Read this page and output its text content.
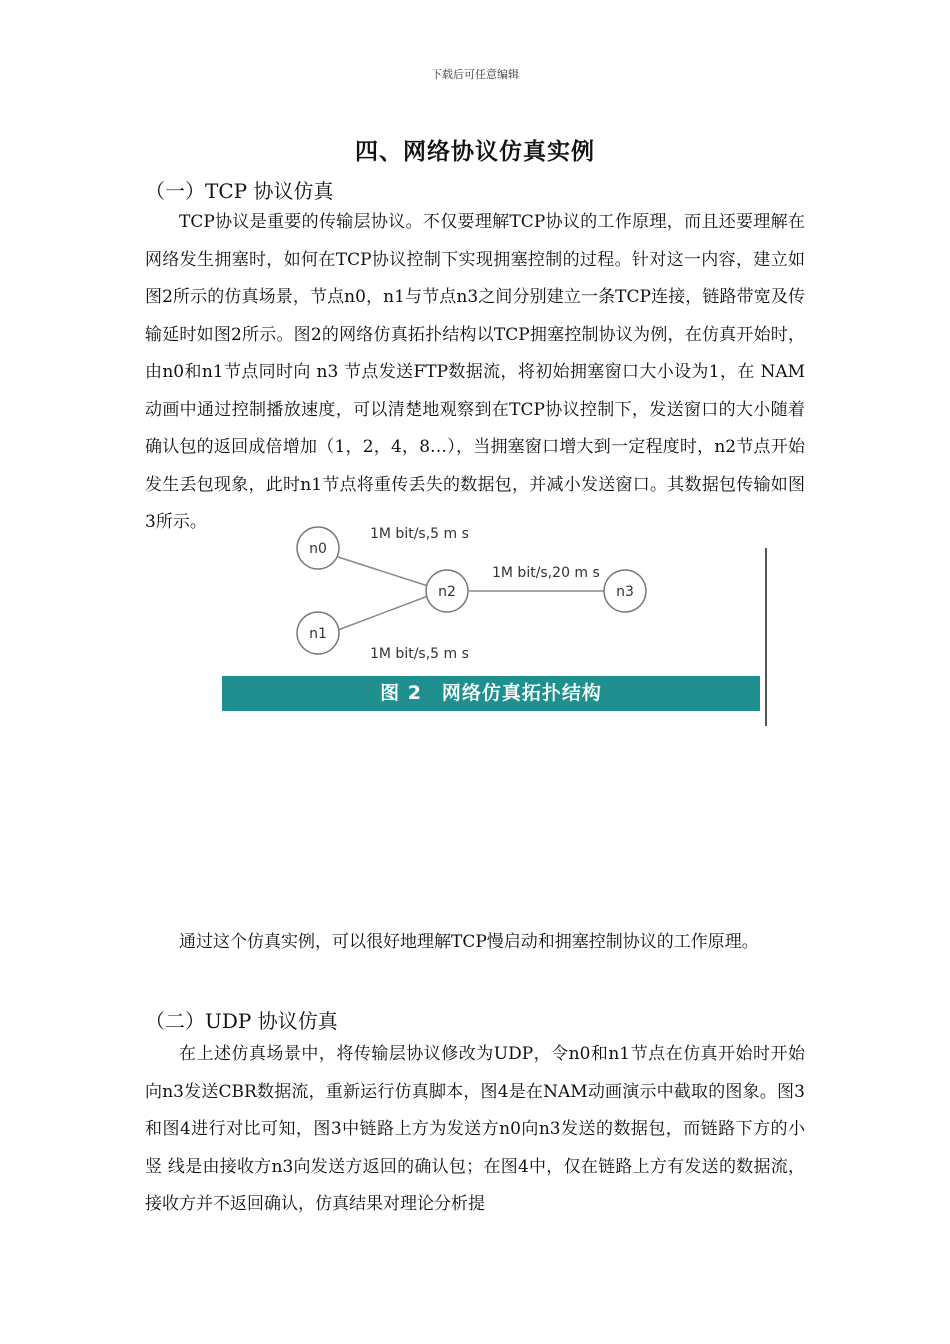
下载后可任意编辑
四、网络协议仿真实例
（一）TCP 协议仿真

TCP协议是重要的传输层协议。不仅要理解TCP协议的工作原理，而且还要理解在网络发生拥塞时，如何在TCP协议控制下实现拥塞控制的过程。针对这一内容，建立如图2所示的仿真场景，节点n0，n1与节点n3之间分别建立一条TCP连接，链路带宽及传输延时如图2所示。图2的网络仿真拓扑结构以TCP拥塞控制协议为例，在仿真开始时，由n0和n1节点同时向 n3 节点发送FTP数据流，将初始拥塞窗口大小设为1，在 NAM 动画中通过控制播放速度，可以清楚地观察到在TCP协议控制下，发送窗口的大小随着确认包的返回成倍增加（1，2，4，8…），当拥塞窗口增大到一定程度时，n2节点开始发生丢包现象，此时n1节点将重传丢失的数据包，并减小发送窗口。其数据包传输如图3所示。

n0
n1
n2	n3
1M bit/s,5 m s
1M bit/s,20 m s
1M bit/s,5 m s
图 2　网络仿真拓扑结构

通过这个仿真实例，可以很好地理解TCP慢启动和拥塞控制协议的工作原理。

（二）UDP 协议仿真

在上述仿真场景中，将传输层协议修改为UDP，令n0和n1节点在仿真开始时开始向n3发送CBR数据流，重新运行仿真脚本，图4是在NAM动画演示中截取的图象。图3和图4进行对比可知，图3中链路上方为发送方n0向n3发送的数据包，而链路下方的小竖 线是由接收方n3向发送方返回的确认包；在图4中，仅在链路上方有发送的数据流，接收方并不返回确认，仿真结果对理论分析提
